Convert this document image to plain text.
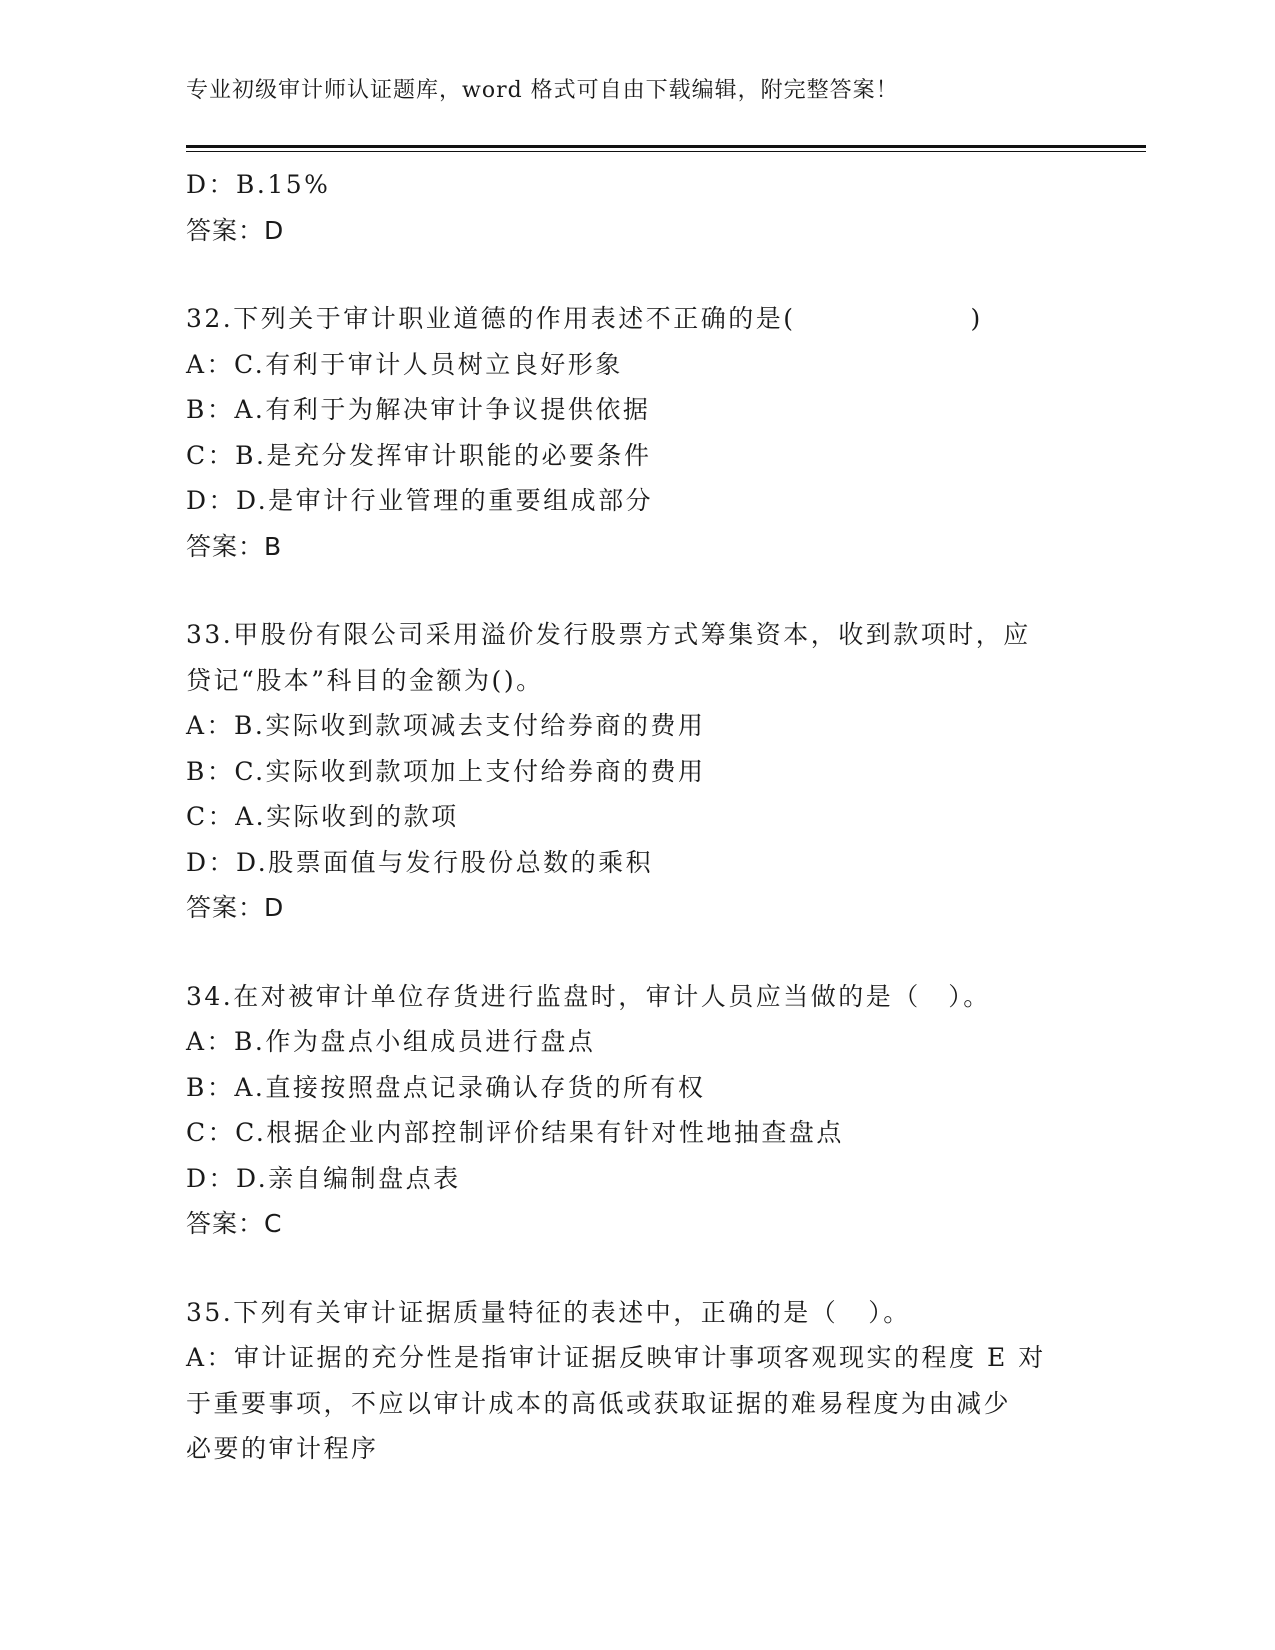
专业初级审计师认证题库，word 格式可自由下载编辑，附完整答案！
D：B.15%
答案：D
32.下列关于审计职业道德的作用表述不正确的是(	)
A：C.有利于审计人员树立良好形象
B：A.有利于为解决审计争议提供依据
C：B.是充分发挥审计职能的必要条件
D：D.是审计行业管理的重要组成部分
答案：B
33.甲股份有限公司采用溢价发行股票方式筹集资本，收到款项时，应
贷记“股本”科目的金额为()。
A：B.实际收到款项减去支付给券商的费用
B：C.实际收到款项加上支付给券商的费用
C：A.实际收到的款项
D：D.股票面值与发行股份总数的乘积
答案：D
34.在对被审计单位存货进行监盘时，审计人员应当做的是（　）。
A：B.作为盘点小组成员进行盘点
B：A.直接按照盘点记录确认存货的所有权
C：C.根据企业内部控制评价结果有针对性地抽查盘点
D：D.亲自编制盘点表
答案：C
35.下列有关审计证据质量特征的表述中，正确的是（ ）。
A：审计证据的充分性是指审计证据反映审计事项客观现实的程度 E 对
于重要事项，不应以审计成本的高低或获取证据的难易程度为由减少
必要的审计程序
